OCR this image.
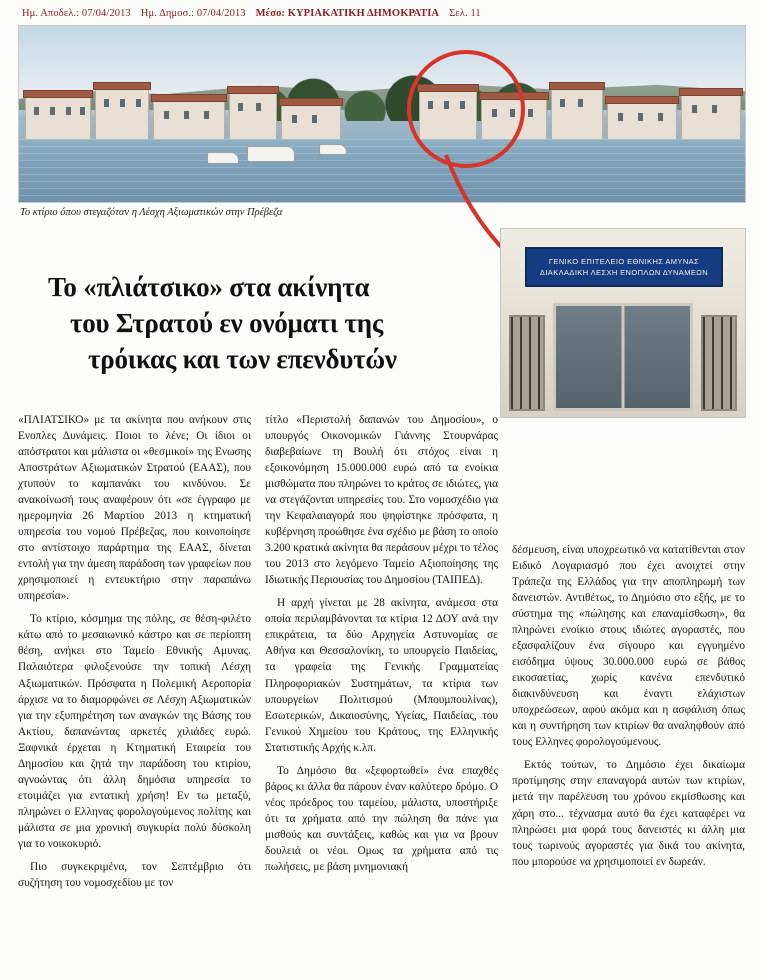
Ημ. Αποδελ.: 07/04/2013 Ημ. Δημοσ.: 07/04/2013 Μέσο: ΚΥΡΙΑΚΑΤΙΚΗ ΔΗΜΟΚΡΑΤΙΑ Σελ. 11
Το κτίριο όπου στεγαζόταν η Λέσχη Αξιωματικών στην Πρέβεζα
ΓΕΝΙΚΟ ΕΠΙΤΕΛΕΙΟ ΕΘΝΙΚΗΣ ΑΜΥΝΑΣ
ΔΙΑΚΛΑΔΙΚΗ ΛΕΣΧΗ ΕΝΟΠΛΩΝ ΔΥΝΑΜΕΩΝ
Το «πλιάτσικο» στα ακίνητα
του Στρατού εν ονόματι της
τρόικας και των επενδυτών

«ΠΛΙΑΤΣΙΚΟ» με τα ακίνητα που ανήκουν στις Ενοπλες Δυνάμεις. Ποιοι το λένε; Οι ίδιοι οι απόστρατοι και μάλιστα οι «θεσμικοί» της Ενωσης Αποστράτων Αξιωματικών Στρατού (ΕΑΑΣ), που χτυπούν το καμπανάκι του κινδύνου. Σε ανακοίνωσή τους αναφέρουν ότι «σε έγγραφο με ημερομηνία 26 Μαρτίου 2013 η κτηματική υπηρεσία του νομού Πρέβεζας, που κοινοποίησε στο αντίστοιχο παράρτημα της ΕΑΑΣ, δίνεται εντολή για την άμεση παράδοση των γραφείων που χρησιμοποιεί η εντευκτήριο στην παραπάνω υπηρεσία».

Το κτίριο, κόσμημα της πόλης, σε θέση-φιλέτο κάτω από το μεσαιωνικό κάστρο και σε περίοπτη θέση, ανήκει στο Ταμείο Εθνικής Αμυνας. Παλαιότερα φιλοξενούσε την τοπική Λέσχη Αξιωματικών. Πρόσφατα η Πολεμική Αεροπορία άρχισε να το διαμορφώνει σε Λέσχη Αξιωματικών για την εξυπηρέτηση των αναγκών της Βάσης του Ακτίου, δαπανώντας αρκετές χιλιάδες ευρώ. Ξαφνικά έρχεται η Κτηματική Εταιρεία του Δημοσίου και ζητά την παράδοση του κτιρίου, αγνοώντας ότι άλλη δημόσια υπηρεσία το ετοιμάζει για εντατική χρήση! Εν τω μεταξύ, πληρώνει ο Ελληνας φορολογούμενος πολίτης και μάλιστα σε μια χρονική συγκυρία πολύ δύσκολη για το νοικοκυριό.

Πιο συγκεκριμένα, τον Σεπτέμβριο ότι συζήτηση του νομοσχεδίου με τον

τίτλο «Περιστολή δαπανών του Δημοσίου», ο υπουργός Οικονομικών Γιάννης Στουρνάρας διαβεβαίωνε τη Βουλή ότι στόχος είναι η εξοικονόμηση 15.000.000 ευρώ από τα ενοίκια μισθώματα που πληρώνει το κράτος σε ιδιώτες, για να στεγάζονται υπηρεσίες του. Στο νομοσχέδιο για την Κεφαλαιαγορά που ψηφίστηκε πρόσφατα, η κυβέρνηση προώθησε ένα σχέδιο με βάση το οποίο 3.200 κρατικά ακίνητα θα περάσουν μέχρι το τέλος του 2013 στο λεγόμενο Ταμείο Αξιοποίησης της Ιδιωτικής Περιουσίας του Δημοσίου (ΤΑΙΠΕΔ).

Η αρχή γίνεται με 28 ακίνητα, ανάμεσα στα οποία περιλαμβάνονται τα κτίρια 12 ΔΟΥ ανά την επικράτεια, τα δύο Αρχηγεία Αστυνομίας σε Αθήνα και Θεσσαλονίκη, το υπουργείο Παιδείας, τα γραφεία της Γενικής Γραμματείας Πληροφοριακών Συστημάτων, τα κτίρια των υπουργείων Πολιτισμού (Μπουμπουλίνας), Εσωτερικών, Δικαιοσύνης, Υγείας, Παιδείας, του Γενικού Χημείου του Κράτους, της Ελληνικής Στατιστικής Αρχής κ.λπ.

Το Δημόσιο θα «ξεφορτωθεί» ένα επαχθές βάρος κι άλλα θα πάρουν έναν καλύτερο δρόμο. Ο νέος πρόεδρος του ταμείου, μάλιστα, υποστήριξε ότι τα χρήματα από την πώληση θα πάνε για μισθούς και συντάξεις, καθώς και για να βρουν δουλειά οι νέοι. Ομως τα χρήματα από τις πωλήσεις, με βάση μνημονιακή

δέσμευση, είναι υποχρεωτικό να κατατίθενται στον Ειδικό Λογαριασμό που έχει ανοιχτεί στην Τράπεζα της Ελλάδος για την αποπληρωμή των δανειστών. Αντιθέτως, το Δημόσιο στο εξής, με το σύστημα της «πώλησης και επαναμίσθωση», θα πληρώνει ενοίκιο στους ιδιώτες αγοραστές, που εξασφαλίζουν ένα σίγουρο και εγγυημένο εισόδημα ύψους 30.000.000 ευρώ σε βάθος εικοσαετίας, χωρίς κανένα επενδυτικό διακινδύνευση και έναντι ελάχιστων υποχρεώσεων, αφού ακόμα και η ασφάλιση όπως και η συντήρηση των κτιρίων θα αναληφθούν από τους Ελληνες φορολογούμενους.

Εκτός τούτων, το Δημόσιο έχει δικαίωμα προτίμησης στην επαναγορά αυτών των κτιρίων, μετά την παρέλευση του χρόνου εκμίσθωσης και χάρη στο... τέχνασμα αυτό θα έχει καταφέρει να πληρώσει μια φορά τους δανειστές κι άλλη μια τους τωρινούς αγοραστές για δικά του ακίνητα, που μπορούσε να χρησιμοποιεί εν δωρεάν.
